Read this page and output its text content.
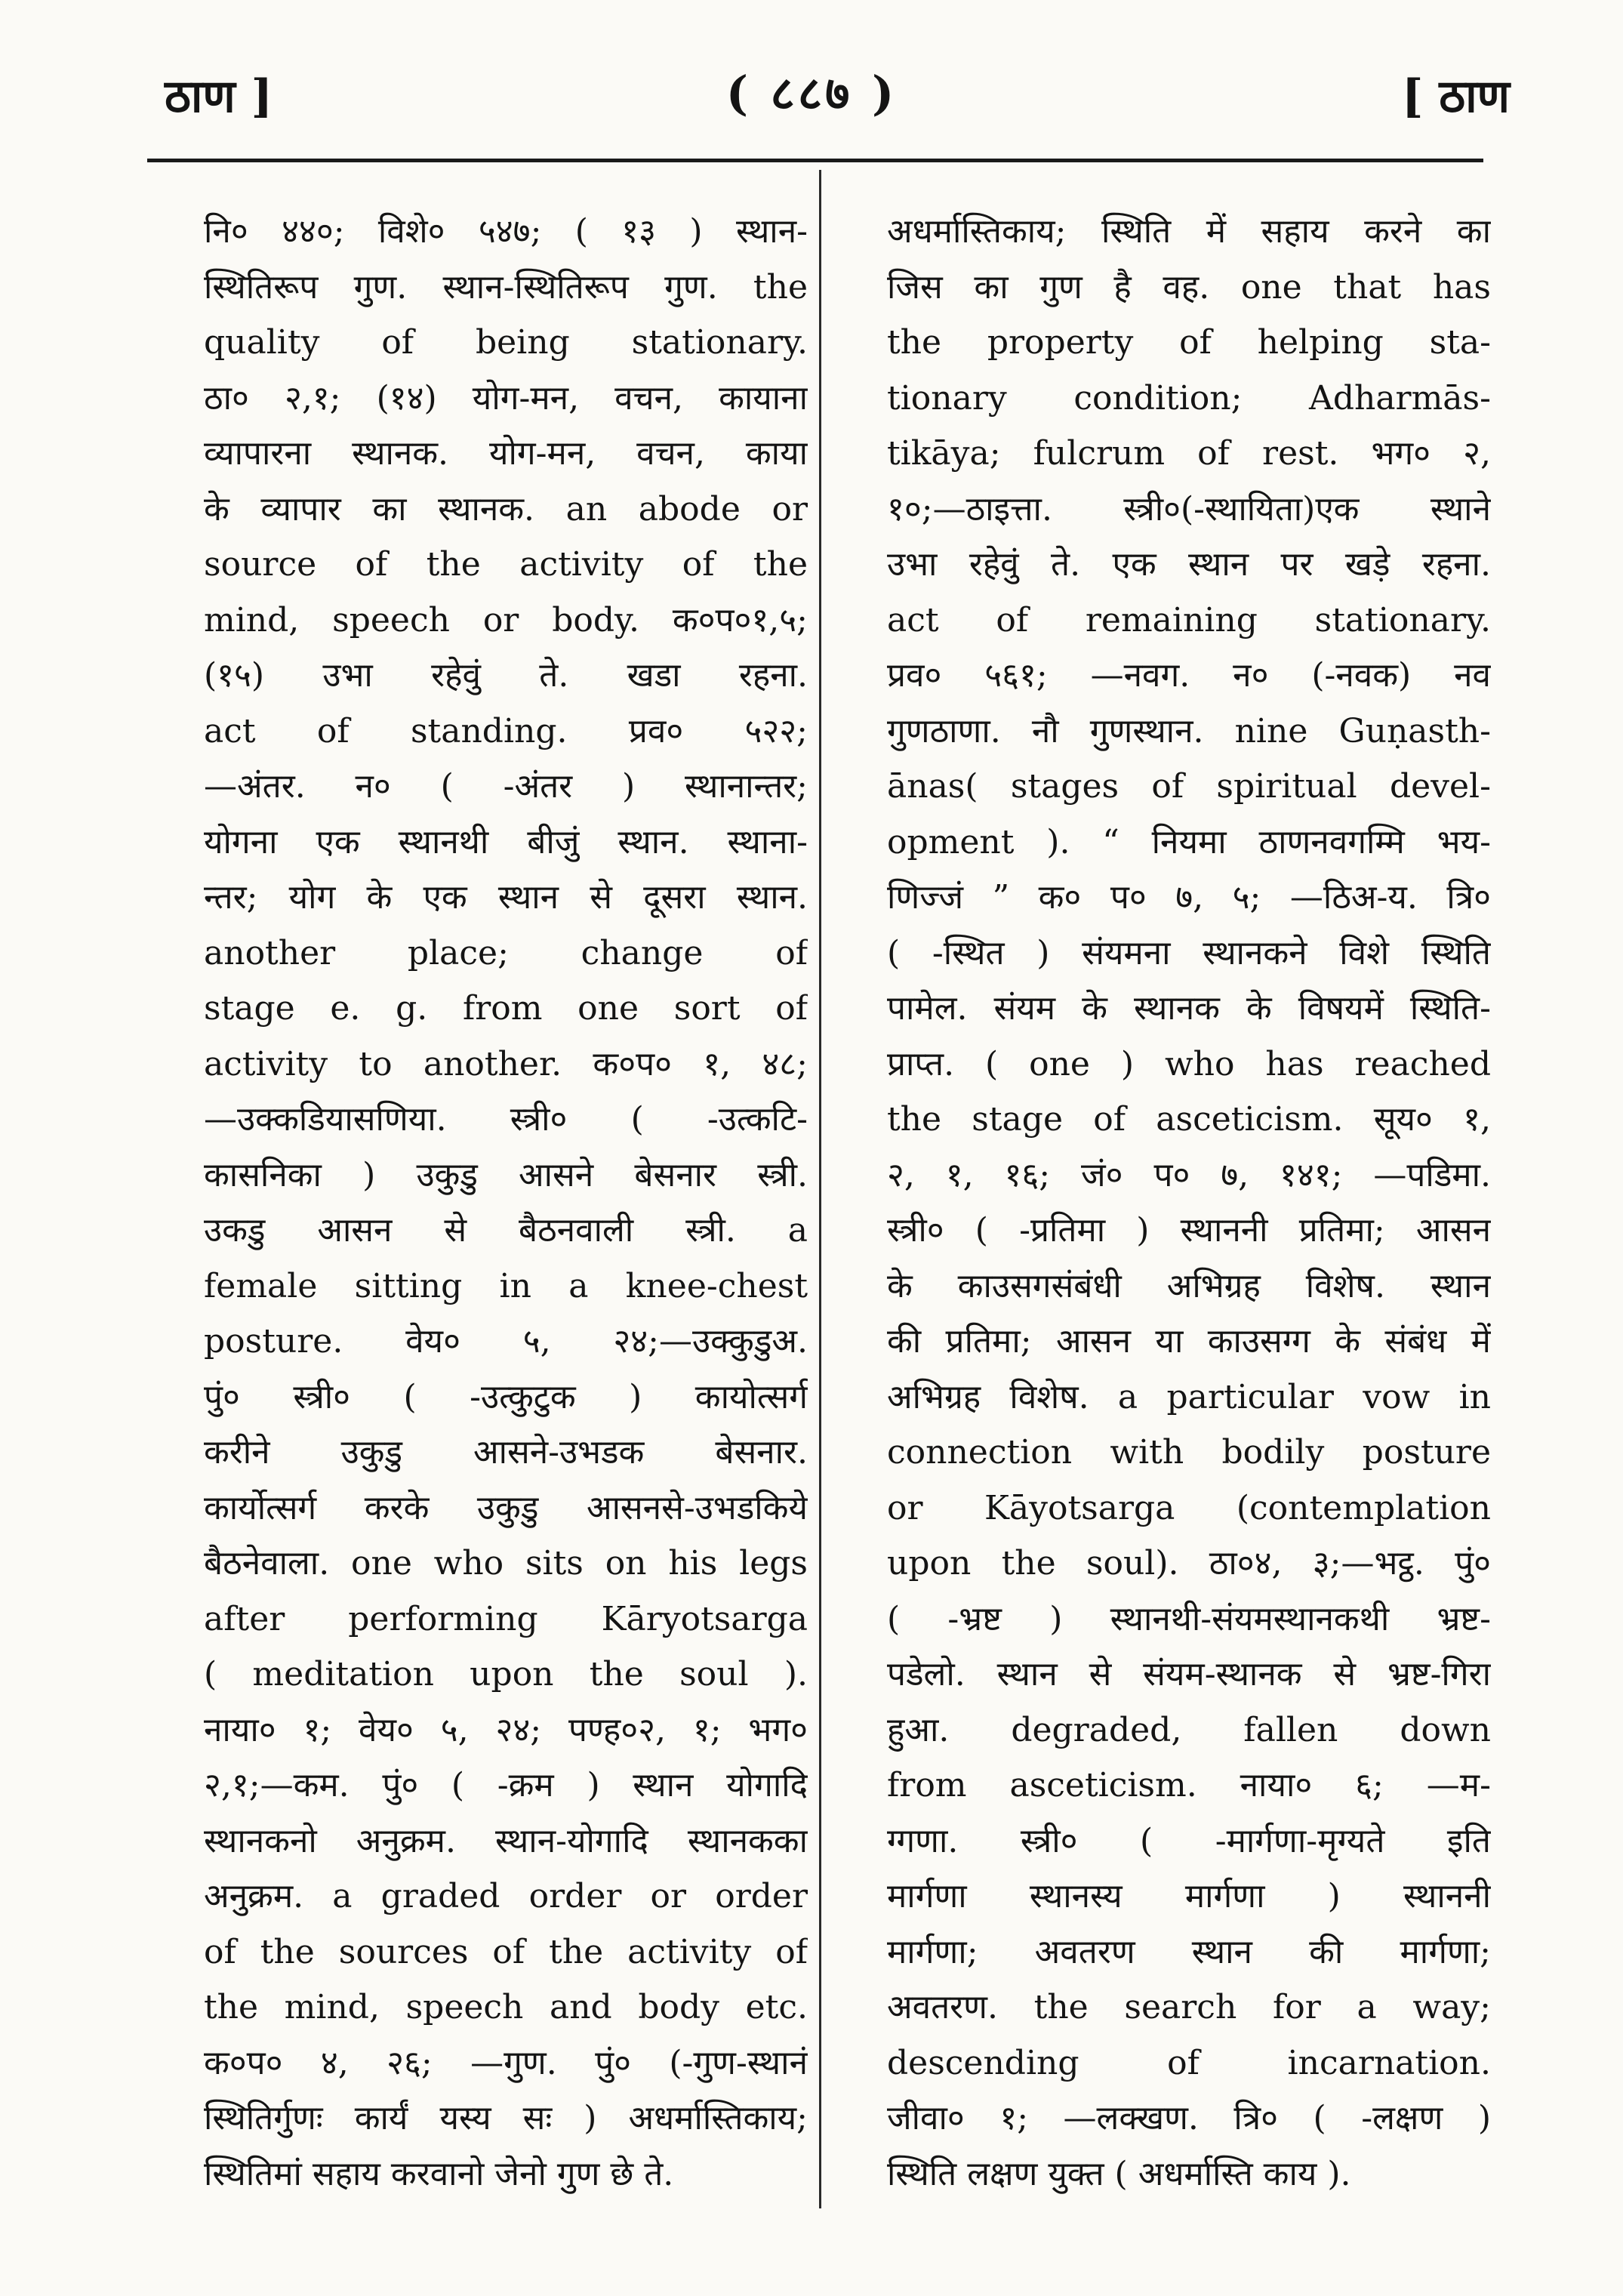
ठाण ]	( ८८७ )	[ ठाण
नि० ४४०; विशे० ५४७; ( १३ ) स्थान-
स्थितिरूप गुण. स्थान-स्थितिरूप गुण. the
quality of being stationary.
ठा० २,१; (१४) योग-मन, वचन, कायाना
व्यापारना स्थानक. योग-मन, वचन, काया
के व्यापार का स्थानक. an abode or
source of the activity of the
mind, speech or body. क०प०१,५;
(१५) उभा रहेवुं ते. खडा रहना.
act of standing. प्रव० ५२२;
—अंतर. न० ( -अंतर ) स्थानान्तर;
योगना एक स्थानथी बीजुं स्थान. स्थाना-
न्तर; योग के एक स्थान से दूसरा स्थान.
another place; change of
stage e. g. from one sort of
activity to another. क०प० १, ४८;
—उक्कडियासणिया. स्त्री० ( -उत्कटि-
कासनिका ) उकुडु आसने बेसनार स्त्री.
उकडु आसन से बैठनवाली स्त्री. a
female sitting in a knee-chest
posture. वेय० ५, २४;—उक्कुडुअ.
पुं० स्त्री० ( -उत्कुटुक ) कायोत्सर्ग
करीने उकुडु आसने-उभडक बेसनार.
कार्योत्सर्ग करके उकुडु आसनसे-उभडकिये
बैठनेवाला. one who sits on his legs
after performing Kāryotsarga
( meditation upon the soul ).
नाया० १; वेय० ५, २४; पण्ह०२, १; भग०
२,१;—कम. पुं० ( -क्रम ) स्थान योगादि
स्थानकनो अनुक्रम. स्थान-योगादि स्थानकका
अनुक्रम. a graded order or order
of the sources of the activity of
the mind, speech and body etc.
क०प० ४, २६; —गुण. पुं० (-गुण-स्थानं
स्थितिर्गुणः कार्यं यस्य सः ) अधर्मास्तिकाय;
स्थितिमां सहाय करवानो जेनो गुण छे ते.
अधर्मास्तिकाय; स्थिति में सहाय करने का
जिस का गुण है वह. one that has
the property of helping sta-
tionary condition; Adharmās-
tikāya; fulcrum of rest. भग० २,
१०;—ठाइत्ता. स्त्री०(-स्थायिता)एक स्थाने
उभा रहेवुं ते. एक स्थान पर खड़े रहना.
act of remaining stationary.
प्रव० ५६१; —नवग. न० (-नवक) नव
गुणठाणा. नौ गुणस्थान. nine Guṇasth-
ānas( stages of spiritual devel-
opment ). “ नियमा ठाणनवगम्मि भय-
णिज्जं ” क० प० ७, ५; —ठिअ-य. त्रि०
( -स्थित ) संयमना स्थानकने विशे स्थिति
पामेल. संयम के स्थानक के विषयमें स्थिति-
प्राप्त. ( one ) who has reached
the stage of asceticism. सूय० १,
२, १, १६; जं० प० ७, १४१; —पडिमा.
स्त्री० ( -प्रतिमा ) स्थाननी प्रतिमा; आसन
के काउसगसंबंधी अभिग्रह विशेष. स्थान
की प्रतिमा; आसन या काउसग्ग के संबंध में
अभिग्रह विशेष. a particular vow in
connection with bodily posture
or Kāyotsarga (contemplation
upon the soul). ठा०४, ३;—भट्ठ. पुं०
( -भ्रष्ट ) स्थानथी-संयमस्थानकथी भ्रष्ट-
पडेलो. स्थान से संयम-स्थानक से भ्रष्ट-गिरा
हुआ. degraded, fallen down
from asceticism. नाया० ६; —म-
ग्गणा. स्त्री० ( -मार्गणा-मृग्यते इति
मार्गणा स्थानस्य मार्गणा ) स्थाननी
मार्गणा; अवतरण स्थान की मार्गणा;
अवतरण. the search for a way;
descending of incarnation.
जीवा० १; —लक्खण. त्रि० ( -लक्षण )
स्थिति लक्षण युक्त ( अधर्मास्ति काय ).
